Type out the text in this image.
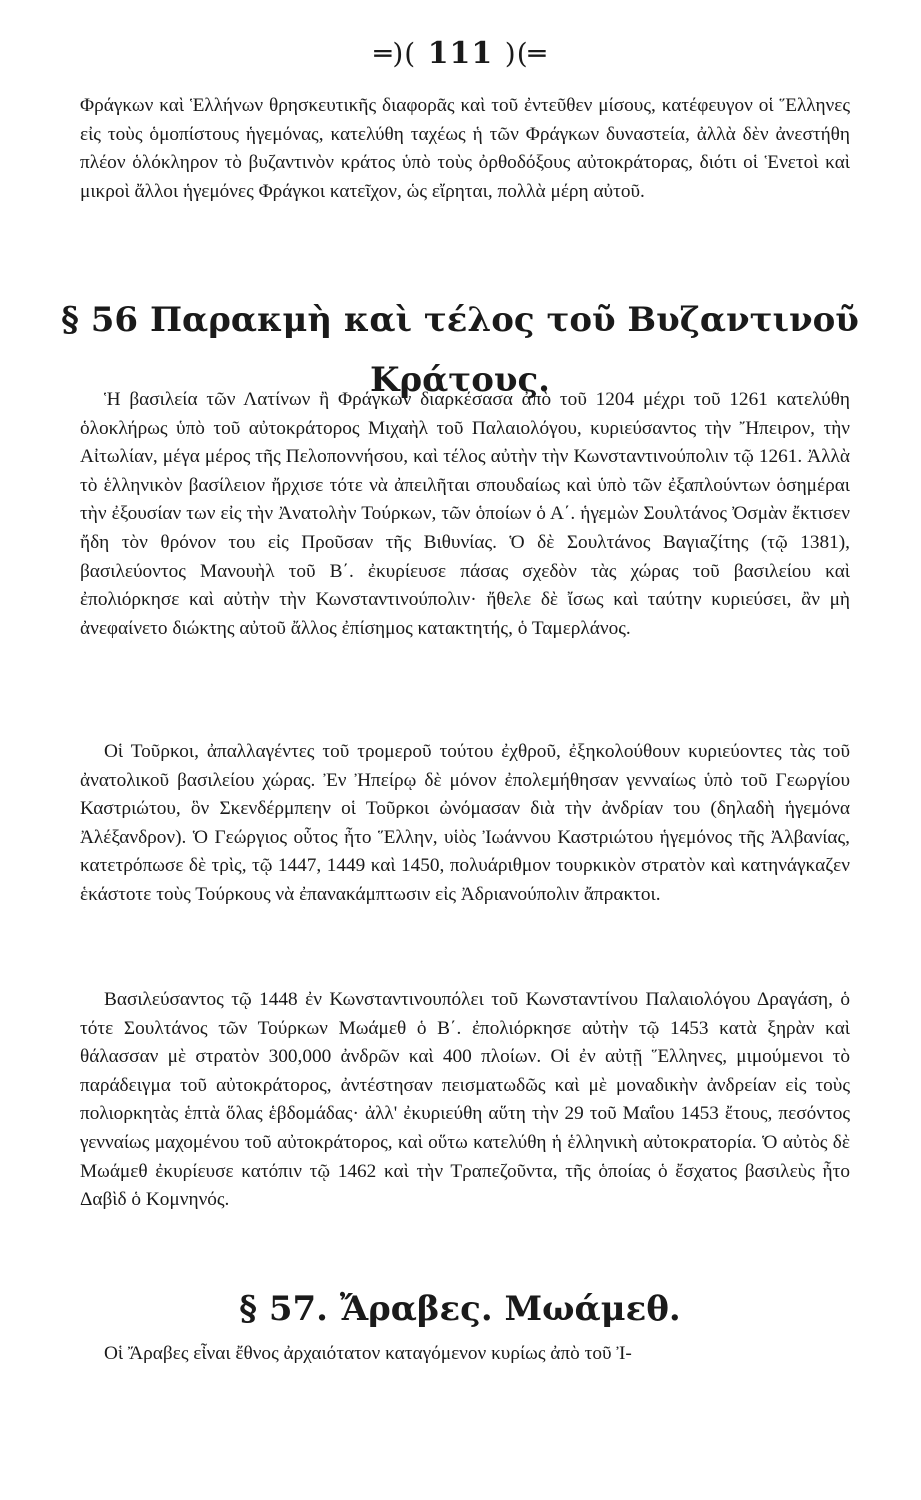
═)( 111 )(═

Φράγκων καὶ Ἑλλήνων θρησκευτικῆς διαφορᾶς καὶ τοῦ ἐντεῦθεν μίσους, κατέφευγον οἱ Ἕλληνες εἰς τοὺς ὁμοπίστους ἡγεμόνας, κατελύθη ταχέως ἡ τῶν Φράγκων δυναστεία, ἀλλὰ δὲν ἀνεστήθη πλέον ὁλόκληρον τὸ βυζαντινὸν κράτος ὑπὸ τοὺς ὀρθοδόξους αὐτοκράτορας, διότι οἱ Ἑνετοὶ καὶ μικροὶ ἄλλοι ἡγεμόνες Φράγκοι κατεῖχον, ὡς εἴρηται, πολλὰ μέρη αὐτοῦ.

§ 56 Παρακμὴ καὶ τέλος τοῦ Βυζαντινοῦ
Κράτους.

Ἡ βασιλεία τῶν Λατίνων ἢ Φράγκων διαρκέσασα ἀπὸ τοῦ 1204 μέχρι τοῦ 1261 κατελύθη ὁλοκλήρως ὑπὸ τοῦ αὐτοκράτορος Μιχαὴλ τοῦ Παλαιολόγου, κυριεύσαντος τὴν Ἤπειρον, τὴν Αἰτωλίαν, μέγα μέρος τῆς Πελοποννήσου, καὶ τέλος αὐτὴν τὴν Κωνσταντινούπολιν τῷ 1261. Ἀλλὰ τὸ ἑλληνικὸν βασίλειον ἤρχισε τότε νὰ ἀπειλῆται σπουδαίως καὶ ὑπὸ τῶν ἐξαπλούντων ὁσημέραι τὴν ἐξουσίαν των εἰς τὴν Ἀνατολὴν Τούρκων, τῶν ὁποίων ὁ Α΄. ἡγεμὼν Σουλτάνος Ὀσμὰν ἔκτισεν ἤδη τὸν θρόνον του εἰς Προῦσαν τῆς Βιθυνίας. Ὁ δὲ Σουλτάνος Βαγιαζίτης (τῷ 1381), βασιλεύοντος Μανουὴλ τοῦ Β΄. ἐκυρίευσε πάσας σχεδὸν τὰς χώρας τοῦ βασιλείου καὶ ἐπολιόρκησε καὶ αὐτὴν τὴν Κωνσταντινούπολιν· ἤθελε δὲ ἴσως καὶ ταύτην κυριεύσει, ἂν μὴ ἀνεφαίνετο διώκτης αὐτοῦ ἄλλος ἐπίσημος κατακτητής, ὁ Ταμερλάνος.

Οἱ Τοῦρκοι, ἀπαλλαγέντες τοῦ τρομεροῦ τούτου ἐχθροῦ, ἐξηκολούθουν κυριεύοντες τὰς τοῦ ἀνατολικοῦ βασιλείου χώρας. Ἐν Ἠπείρῳ δὲ μόνον ἐπολεμήθησαν γενναίως ὑπὸ τοῦ Γεωργίου Καστριώτου, ὃν Σκενδέρμπεην οἱ Τοῦρκοι ὠνόμασαν διὰ τὴν ἀνδρίαν του (δηλαδὴ ἡγεμόνα Ἀλέξανδρον). Ὁ Γεώργιος οὗτος ἦτο Ἕλλην, υἱὸς Ἰωάννου Καστριώτου ἡγεμόνος τῆς Ἀλβανίας, κατετρόπωσε δὲ τρὶς, τῷ 1447, 1449 καὶ 1450, πολυάριθμον τουρκικὸν στρατὸν καὶ κατηνάγκαζεν ἑκάστοτε τοὺς Τούρκους νὰ ἐπανακάμπτωσιν εἰς Ἀδριανούπολιν ἄπρακτοι.

Βασιλεύσαντος τῷ 1448 ἐν Κωνσταντινουπόλει τοῦ Κωνσταντίνου Παλαιολόγου Δραγάση, ὁ τότε Σουλτάνος τῶν Τούρκων Μωάμεθ ὁ Β΄. ἐπολιόρκησε αὐτὴν τῷ 1453 κατὰ ξηρὰν καὶ θάλασσαν μὲ στρατὸν 300,000 ἀνδρῶν καὶ 400 πλοίων. Οἱ ἐν αὐτῇ Ἕλληνες, μιμούμενοι τὸ παράδειγμα τοῦ αὐτοκράτορος, ἀντέστησαν πεισματωδῶς καὶ μὲ μοναδικὴν ἀνδρείαν εἰς τοὺς πολιορκητὰς ἑπτὰ ὅλας ἑβδομάδας· ἀλλ' ἐκυριεύθη αὕτη τὴν 29 τοῦ Μαΐου 1453 ἔτους, πεσόντος γενναίως μαχομένου τοῦ αὐτοκράτορος, καὶ οὕτω κατελύθη ἡ ἑλληνικὴ αὐτοκρατορία. Ὁ αὐτὸς δὲ Μωάμεθ ἐκυρίευσε κατόπιν τῷ 1462 καὶ τὴν Τραπεζοῦντα, τῆς ὁποίας ὁ ἔσχατος βασιλεὺς ἦτο Δαβὶδ ὁ Κομνηνός.

§ 57. Ἄραβες. Μωάμεθ.

Οἱ Ἄραβες εἶναι ἔθνος ἀρχαιότατον καταγόμενον κυρίως ἀπὸ τοῦ Ἰ-
